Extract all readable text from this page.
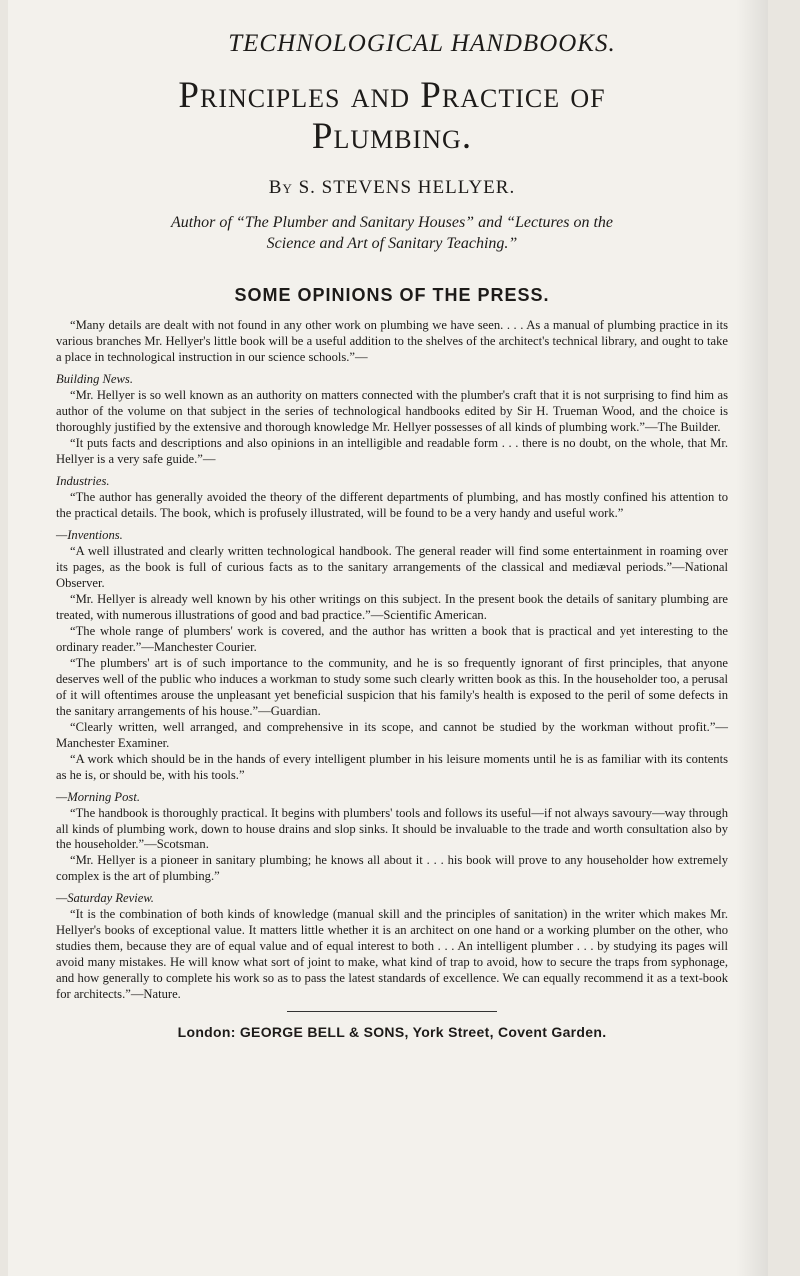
TECHNOLOGICAL HANDBOOKS.
Principles and Practice of
Plumbing.
By S. STEVENS HELLYER.
Author of “The Plumber and Sanitary Houses” and “Lectures on the
Science and Art of Sanitary Teaching.”
SOME OPINIONS OF THE PRESS.

“Many details are dealt with not found in any other work on plumbing we have seen. . . . As a manual of plumbing practice in its various branches Mr. Hellyer's little book will be a useful addition to the shelves of the architect's technical library, and ought to take a place in technological instruction in our science schools.”—

Building News.

“Mr. Hellyer is so well known as an authority on matters connected with the plumber's craft that it is not surprising to find him as author of the volume on that subject in the series of technological handbooks edited by Sir H. Trueman Wood, and the choice is thoroughly justified by the extensive and thorough knowledge Mr. Hellyer possesses of all kinds of plumbing work.”—The Builder.

“It puts facts and descriptions and also opinions in an intelligible and readable form . . . there is no doubt, on the whole, that Mr. Hellyer is a very safe guide.”—

Industries.

“The author has generally avoided the theory of the different departments of plumbing, and has mostly confined his attention to the practical details. The book, which is profusely illustrated, will be found to be a very handy and useful work.”

—Inventions.

“A well illustrated and clearly written technological handbook. The general reader will find some entertainment in roaming over its pages, as the book is full of curious facts as to the sanitary arrangements of the classical and mediæval periods.”—National Observer.

“Mr. Hellyer is already well known by his other writings on this subject. In the present book the details of sanitary plumbing are treated, with numerous illustrations of good and bad practice.”—Scientific American.

“The whole range of plumbers' work is covered, and the author has written a book that is practical and yet interesting to the ordinary reader.”—Manchester Courier.

“The plumbers' art is of such importance to the community, and he is so frequently ignorant of first principles, that anyone deserves well of the public who induces a workman to study some such clearly written book as this. In the householder too, a perusal of it will oftentimes arouse the unpleasant yet beneficial suspicion that his family's health is exposed to the peril of some defects in the sanitary arrangements of his house.”—Guardian.

“Clearly written, well arranged, and comprehensive in its scope, and cannot be studied by the workman without profit.”—Manchester Examiner.

“A work which should be in the hands of every intelligent plumber in his leisure moments until he is as familiar with its contents as he is, or should be, with his tools.”

—Morning Post.

“The handbook is thoroughly practical. It begins with plumbers' tools and follows its useful—if not always savoury—way through all kinds of plumbing work, down to house drains and slop sinks. It should be invaluable to the trade and worth consultation also by the householder.”—Scotsman.

“Mr. Hellyer is a pioneer in sanitary plumbing; he knows all about it . . . his book will prove to any householder how extremely complex is the art of plumbing.”

—Saturday Review.

“It is the combination of both kinds of knowledge (manual skill and the principles of sanitation) in the writer which makes Mr. Hellyer's books of exceptional value. It matters little whether it is an architect on one hand or a working plumber on the other, who studies them, because they are of equal value and of equal interest to both . . . An intelligent plumber . . . by studying its pages will avoid many mistakes. He will know what sort of joint to make, what kind of trap to avoid, how to secure the traps from syphonage, and how generally to complete his work so as to pass the latest standards of excellence. We can equally recommend it as a text-book for architects.”—Nature.

London: GEORGE BELL & SONS, York Street, Covent Garden.
